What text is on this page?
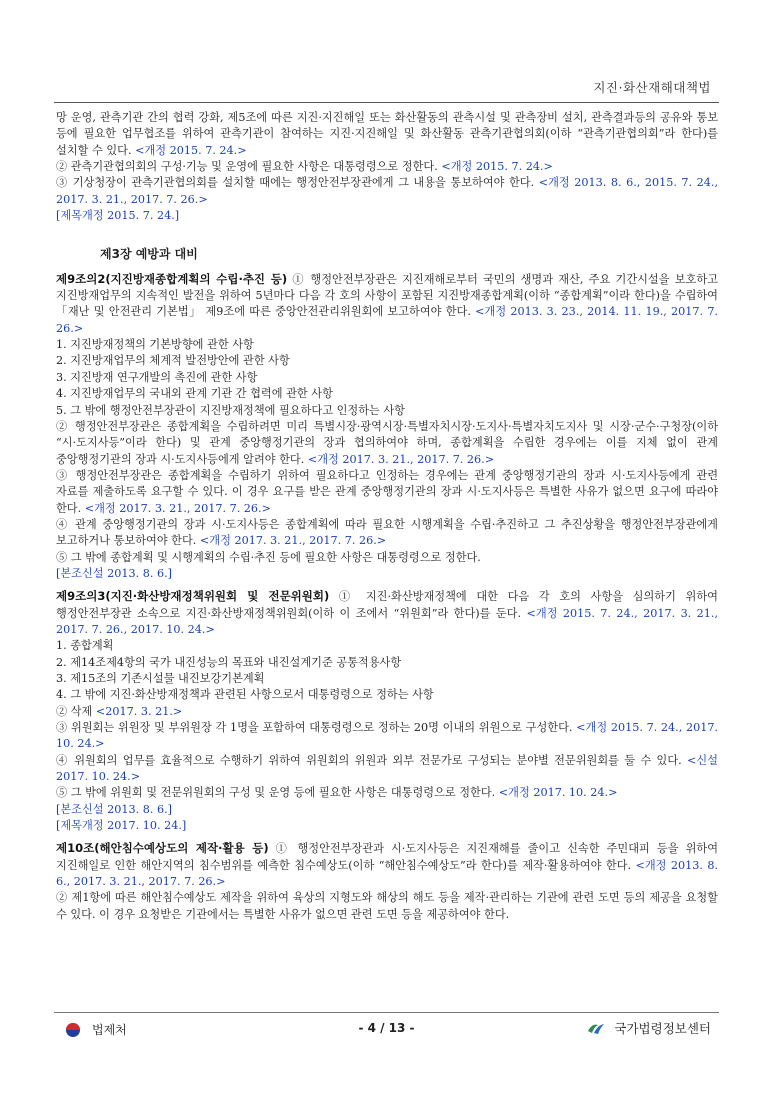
지진·화산재해대책법

망 운영, 관측기관 간의 협력 강화, 제5조에 따른 지진·지진해일 또는 화산활동의 관측시설 및 관측장비 설치, 관측결과등의 공유와 통보 등에 필요한 업무협조를 위하여 관측기관이 참여하는 지진·지진해일 및 화산활동 관측기관협의회(이하 “관측기관협의회”라 한다)를 설치할 수 있다. <개정 2015. 7. 24.>

② 관측기관협의회의 구성·기능 및 운영에 필요한 사항은 대통령령으로 정한다. <개정 2015. 7. 24.>

③ 기상청장이 관측기관협의회를 설치할 때에는 행정안전부장관에게 그 내용을 통보하여야 한다. <개정 2013. 8. 6., 2015. 7. 24., 2017. 3. 21., 2017. 7. 26.>

[제목개정 2015. 7. 24.]

제3장 예방과 대비

제9조의2(지진방재종합계획의 수립·추진 등) ① 행정안전부장관은 지진재해로부터 국민의 생명과 재산, 주요 기간시설을 보호하고 지진방재업무의 지속적인 발전을 위하여 5년마다 다음 각 호의 사항이 포함된 지진방재종합계획(이하 “종합계획”이라 한다)을 수립하여 「재난 및 안전관리 기본법」 제9조에 따른 중앙안전관리위원회에 보고하여야 한다. <개정 2013. 3. 23., 2014. 11. 19., 2017. 7. 26.>

1. 지진방재정책의 기본방향에 관한 사항

2. 지진방재업무의 체계적 발전방안에 관한 사항

3. 지진방재 연구개발의 촉진에 관한 사항

4. 지진방재업무의 국내외 관계 기관 간 협력에 관한 사항

5. 그 밖에 행정안전부장관이 지진방재정책에 필요하다고 인정하는 사항

② 행정안전부장관은 종합계획을 수립하려면 미리 특별시장·광역시장·특별자치시장·도지사·특별자치도지사 및 시장·군수·구청장(이하 “시·도지사등”이라 한다) 및 관계 중앙행정기관의 장과 협의하여야 하며, 종합계획을 수립한 경우에는 이를 지체 없이 관계 중앙행정기관의 장과 시·도지사등에게 알려야 한다. <개정 2017. 3. 21., 2017. 7. 26.>

③ 행정안전부장관은 종합계획을 수립하기 위하여 필요하다고 인정하는 경우에는 관계 중앙행정기관의 장과 시·도지사등에게 관련 자료를 제출하도록 요구할 수 있다. 이 경우 요구를 받은 관계 중앙행정기관의 장과 시·도지사등은 특별한 사유가 없으면 요구에 따라야 한다. <개정 2017. 3. 21., 2017. 7. 26.>

④ 관계 중앙행정기관의 장과 시·도지사등은 종합계획에 따라 필요한 시행계획을 수립·추진하고 그 추진상황을 행정안전부장관에게 보고하거나 통보하여야 한다. <개정 2017. 3. 21., 2017. 7. 26.>

⑤ 그 밖에 종합계획 및 시행계획의 수립·추진 등에 필요한 사항은 대통령령으로 정한다.

[본조신설 2013. 8. 6.]

제9조의3(지진·화산방재정책위원회 및 전문위원회) ① 지진·화산방재정책에 대한 다음 각 호의 사항을 심의하기 위하여 행정안전부장관 소속으로 지진·화산방재정책위원회(이하 이 조에서 “위원회”라 한다)를 둔다. <개정 2015. 7. 24., 2017. 3. 21., 2017. 7. 26., 2017. 10. 24.>

1. 종합계획

2. 제14조제4항의 국가 내진성능의 목표와 내진설계기준 공통적용사항

3. 제15조의 기존시설물 내진보강기본계획

4. 그 밖에 지진·화산방재정책과 관련된 사항으로서 대통령령으로 정하는 사항

② 삭제 <2017. 3. 21.>

③ 위원회는 위원장 및 부위원장 각 1명을 포함하여 대통령령으로 정하는 20명 이내의 위원으로 구성한다. <개정 2015. 7. 24., 2017. 10. 24.>

④ 위원회의 업무를 효율적으로 수행하기 위하여 위원회의 위원과 외부 전문가로 구성되는 분야별 전문위원회를 둘 수 있다. <신설 2017. 10. 24.>

⑤ 그 밖에 위원회 및 전문위원회의 구성 및 운영 등에 필요한 사항은 대통령령으로 정한다. <개정 2017. 10. 24.>

[본조신설 2013. 8. 6.]

[제목개정 2017. 10. 24.]

제10조(해안침수예상도의 제작·활용 등) ① 행정안전부장관과 시·도지사등은 지진재해를 줄이고 신속한 주민대피 등을 위하여 지진해일로 인한 해안지역의 침수범위를 예측한 침수예상도(이하 “해안침수예상도”라 한다)를 제작·활용하여야 한다. <개정 2013. 8. 6., 2017. 3. 21., 2017. 7. 26.>

② 제1항에 따른 해안침수예상도 제작을 위하여 육상의 지형도와 해상의 해도 등을 제작·관리하는 기관에 관련 도면 등의 제공을 요청할 수 있다. 이 경우 요청받은 기관에서는 특별한 사유가 없으면 관련 도면 등을 제공하여야 한다.

법제처	- 4 / 13 -	국가법령정보센터
